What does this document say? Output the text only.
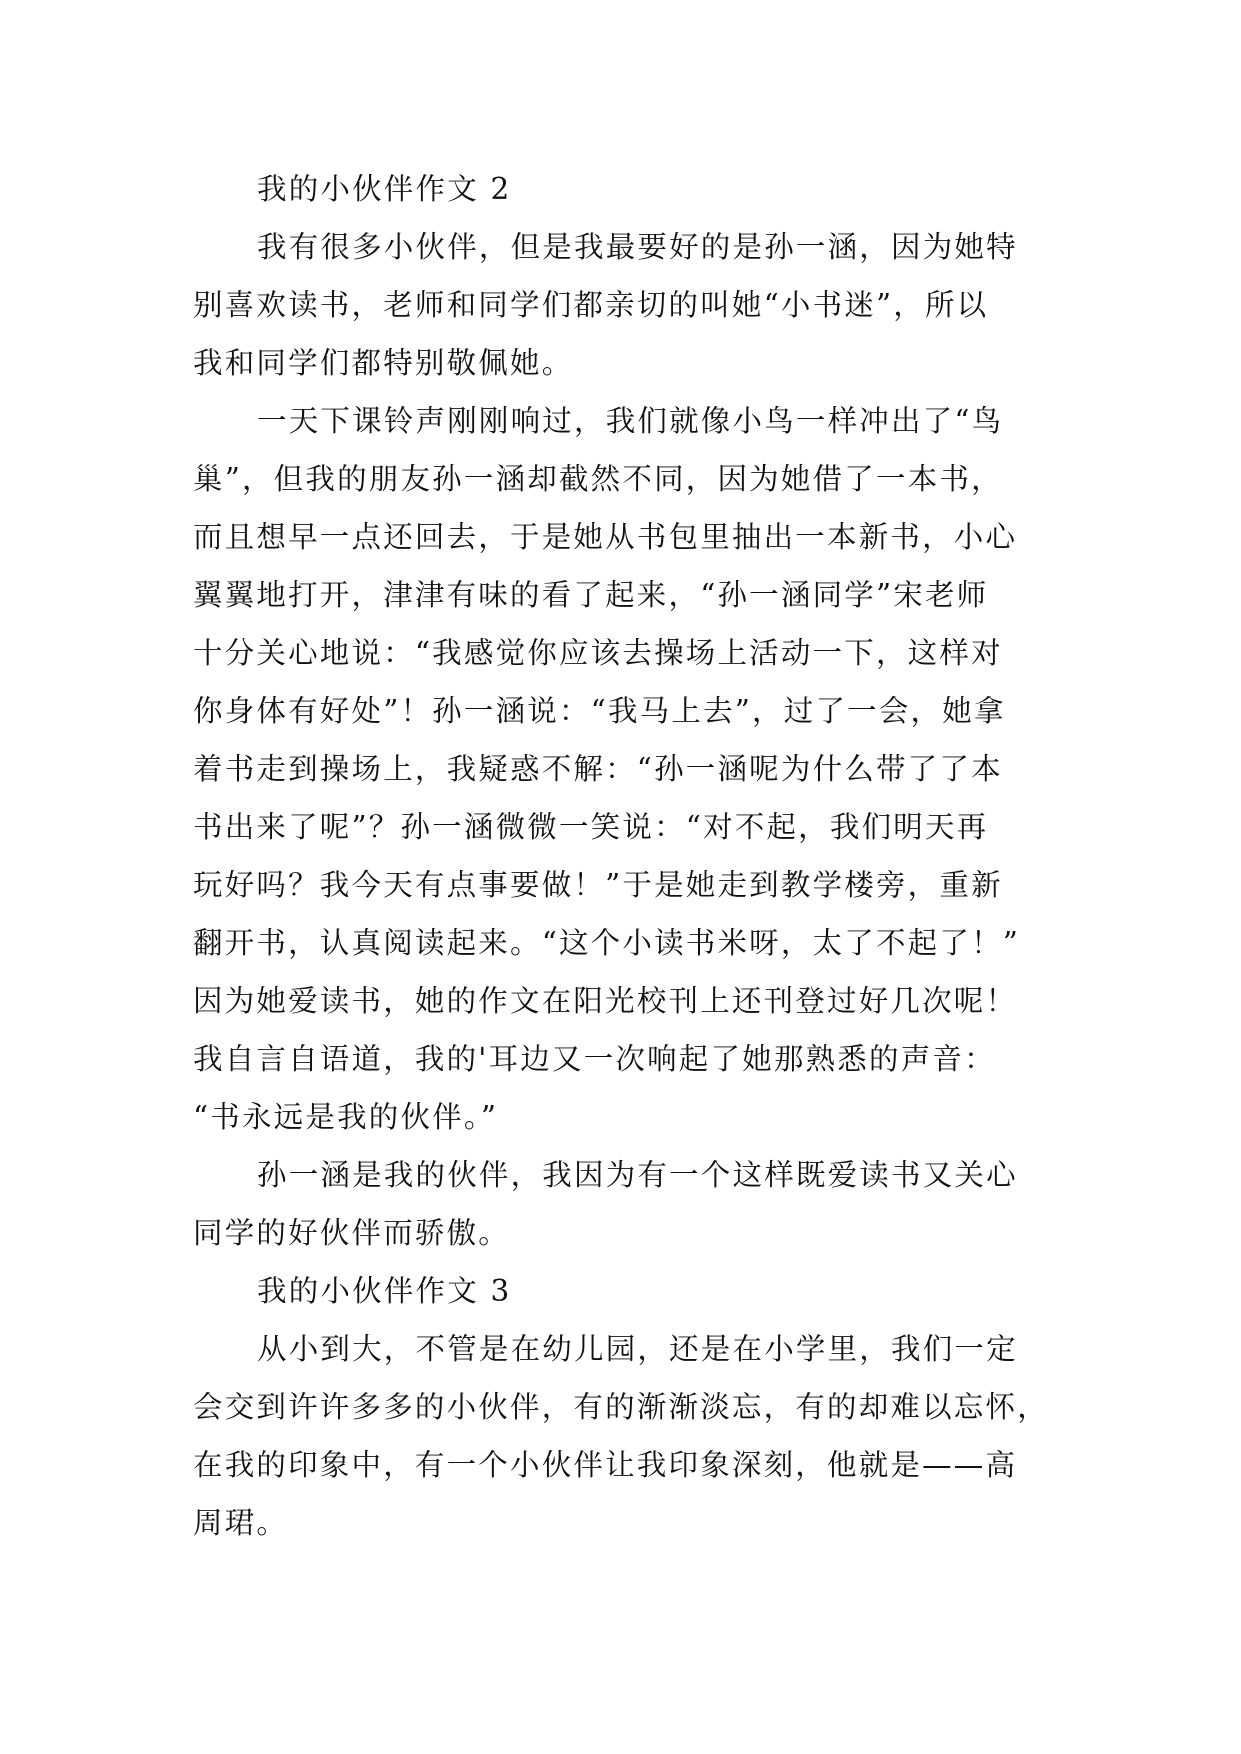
我的小伙伴作文 2
我有很多小伙伴，但是我最要好的是孙一涵，因为她特
别喜欢读书，老师和同学们都亲切的叫她“小书迷”，所以
我和同学们都特别敬佩她。
一天下课铃声刚刚响过，我们就像小鸟一样冲出了“鸟
巢”，但我的朋友孙一涵却截然不同，因为她借了一本书，
而且想早一点还回去，于是她从书包里抽出一本新书，小心
翼翼地打开，津津有味的看了起来，“孙一涵同学”宋老师
十分关心地说：“我感觉你应该去操场上活动一下，这样对
你身体有好处”！孙一涵说：“我马上去”，过了一会，她拿
着书走到操场上，我疑惑不解：“孙一涵呢为什么带了了本
书出来了呢”？孙一涵微微一笑说：“对不起，我们明天再
玩好吗？我今天有点事要做！”于是她走到教学楼旁，重新
翻开书，认真阅读起来。“这个小读书米呀，太了不起了！”
因为她爱读书，她的作文在阳光校刊上还刊登过好几次呢！
我自言自语道，我的'耳边又一次响起了她那熟悉的声音：
“书永远是我的伙伴。”
孙一涵是我的伙伴，我因为有一个这样既爱读书又关心
同学的好伙伴而骄傲。
我的小伙伴作文 3
从小到大，不管是在幼儿园，还是在小学里，我们一定
会交到许许多多的小伙伴，有的渐渐淡忘，有的却难以忘怀，
在我的印象中，有一个小伙伴让我印象深刻，他就是——高
周珺。
